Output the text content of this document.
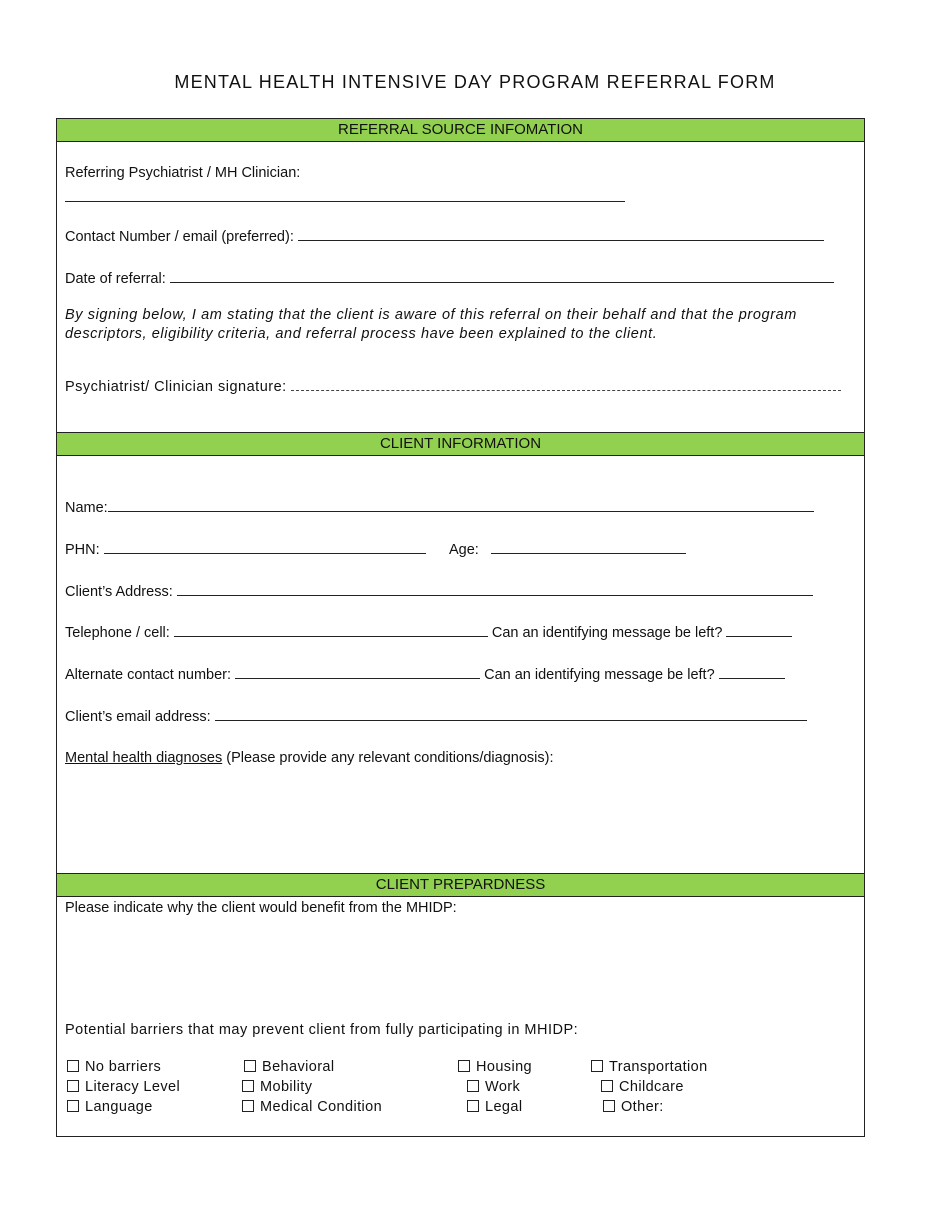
MENTAL HEALTH INTENSIVE DAY PROGRAM REFERRAL FORM
REFERRAL SOURCE INFOMATION
Referring Psychiatrist / MH Clinician:
Contact Number / email (preferred):
Date of referral:
By signing below, I am stating that the client is aware of this referral on their behalf and that the program descriptors, eligibility criteria, and referral process have been explained to the client.
Psychiatrist/ Clinician signature:
CLIENT INFORMATION
Name:
PHN:	Age:
Client’s Address:
Telephone / cell:	Can an identifying message be left?
Alternate contact number:	Can an identifying message be left?
Client’s email address:
Mental health diagnoses (Please provide any relevant conditions/diagnosis):
CLIENT PREPARDNESS
Please indicate why the client would benefit from the MHIDP:
Potential barriers that may prevent client from fully participating in MHIDP:
No barriers	Behavioral	Housing	Transportation
Literacy Level	Mobility	Work	Childcare
Language	Medical Condition	Legal	Other:
